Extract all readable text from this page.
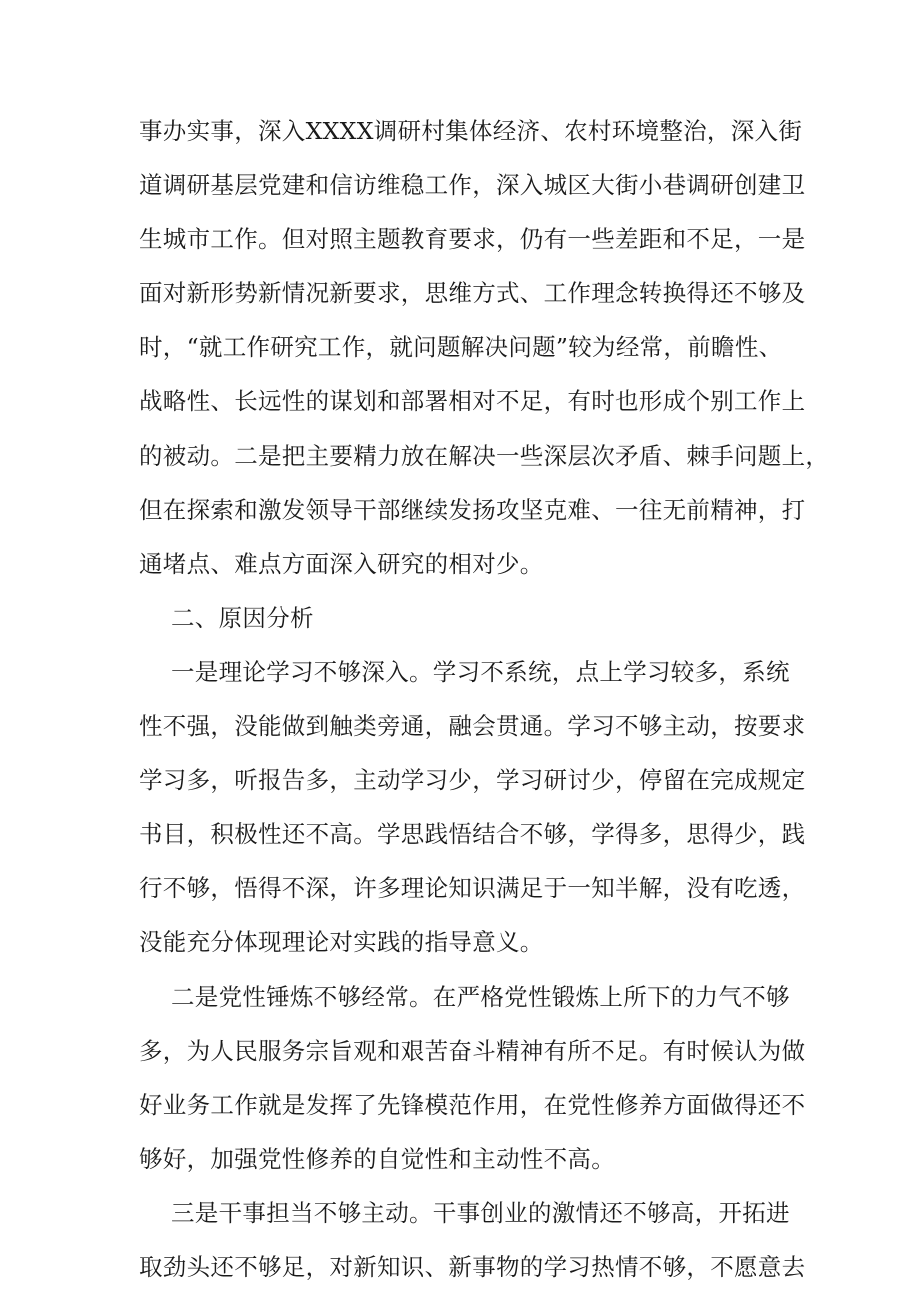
事办实事，深入XXXX调研村集体经济、农村环境整治，深入街
道调研基层党建和信访维稳工作，深入城区大街小巷调研创建卫
生城市工作。但对照主题教育要求，仍有一些差距和不足，一是
面对新形势新情况新要求，思维方式、工作理念转换得还不够及
时，“就工作研究工作，就问题解决问题”较为经常，前瞻性、
战略性、长远性的谋划和部署相对不足，有时也形成个别工作上
的被动。二是把主要精力放在解决一些深层次矛盾、棘手问题上，
但在探索和激发领导干部继续发扬攻坚克难、一往无前精神，打
通堵点、难点方面深入研究的相对少。
二、原因分析
一是理论学习不够深入。学习不系统，点上学习较多，系统
性不强，没能做到触类旁通，融会贯通。学习不够主动，按要求
学习多，听报告多，主动学习少，学习研讨少，停留在完成规定
书目，积极性还不高。学思践悟结合不够，学得多，思得少，践
行不够，悟得不深，许多理论知识满足于一知半解，没有吃透，
没能充分体现理论对实践的指导意义。
二是党性锤炼不够经常。在严格党性锻炼上所下的力气不够
多，为人民服务宗旨观和艰苦奋斗精神有所不足。有时候认为做
好业务工作就是发挥了先锋模范作用，在党性修养方面做得还不
够好，加强党性修养的自觉性和主动性不高。
三是干事担当不够主动。干事创业的激情还不够高，开拓进
取劲头还不够足，对新知识、新事物的学习热情不够，不愿意去
